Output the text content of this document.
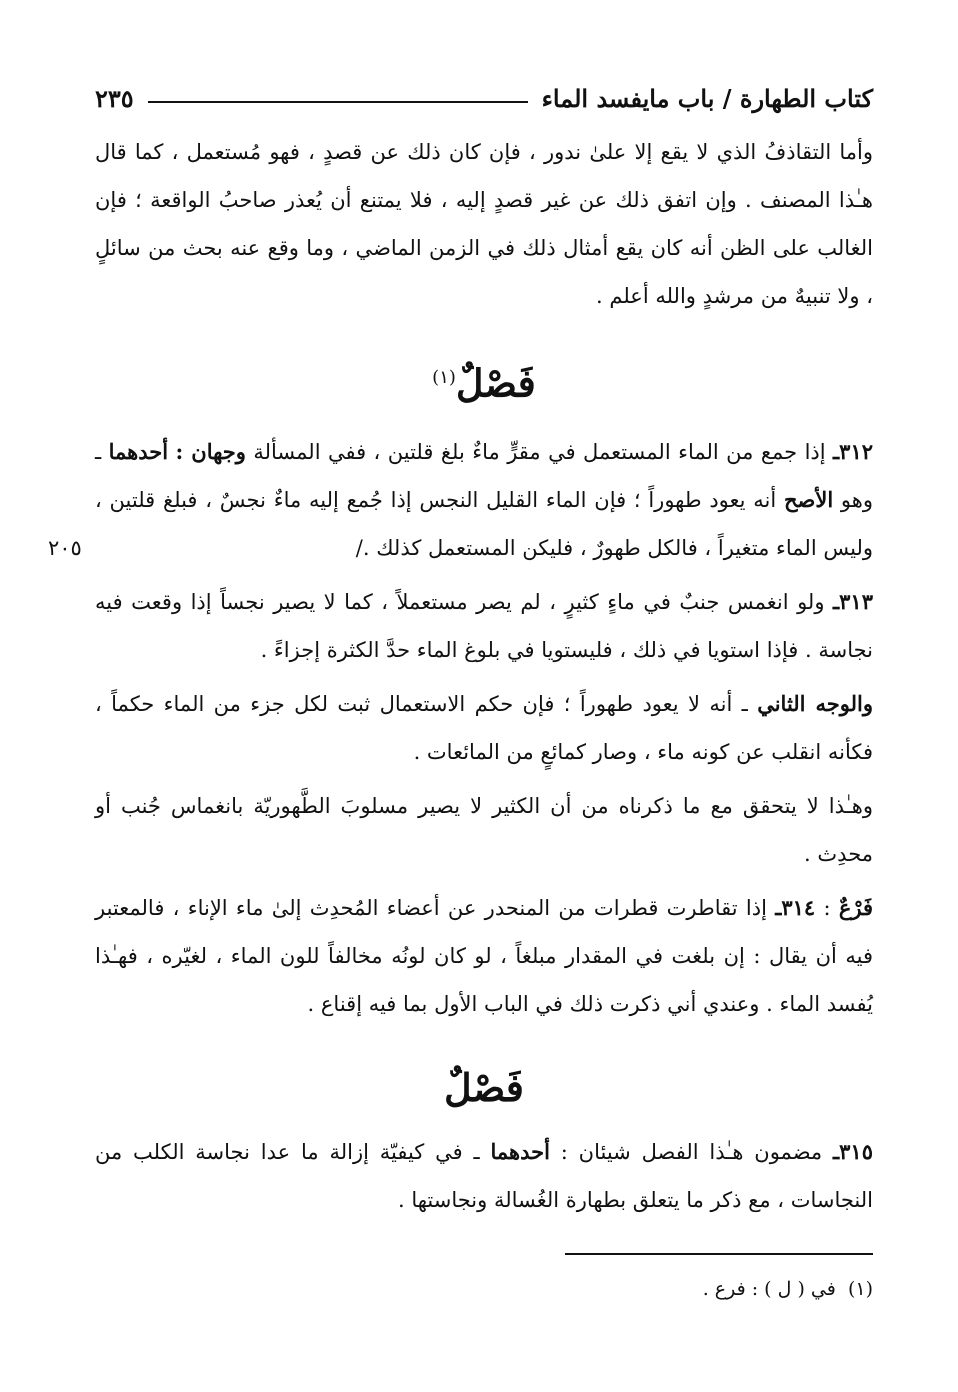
كتاب الطهارة / باب مايفسد الماء
٢٣٥

وأما التقاذفُ الذي لا يقع إلا علىٰ ندور ، فإن كان ذلك عن قصدٍ ، فهو مُستعمل ، كما قال هـٰذا المصنف . وإن اتفق ذلك عن غير قصدٍ إليه ، فلا يمتنع أن يُعذر صاحبُ الواقعة ؛ فإن الغالب على الظن أنه كان يقع أمثال ذلك في الزمن الماضي ، وما وقع عنه بحث من سائلٍ ، ولا تنبيهٌ من مرشدٍ والله أعلم .

فَصْلٌ$^{(١)}$

٣١٢ـ إذا جمع من الماء المستعمل في مقرٍّ ماءٌ بلغ قلتين ، ففي المسألة وجهان : أحدهما ـ وهو الأصح أنه يعود طهوراً ؛ فإن الماء القليل النجس إذا جُمع إليه ماءٌ نجسٌ ، فبلغ قلتين ، وليس الماء متغيراً ، فالكل طهورٌ ، فليكن المستعمل كذلك ./

٣١٣ـ ولو انغمس جنبٌ في ماءٍ كثيرٍ ، لم يصر مستعملاً ، كما لا يصير نجساً إذا وقعت فيه نجاسة . فإذا استويا في ذلك ، فليستويا في بلوغ الماء حدَّ الكثرة إجزاءً .

والوجه الثاني ـ أنه لا يعود طهوراً ؛ فإن حكم الاستعمال ثبت لكل جزء من الماء حكماً ، فكأنه انقلب عن كونه ماء ، وصار كمائعٍ من المائعات .

وهـٰذا لا يتحقق مع ما ذكرناه من أن الكثير لا يصير مسلوبَ الطَّهوريّة بانغماس جُنب أو محدِث .

فَرْعٌ : ٣١٤ـ إذا تقاطرت قطرات من المنحدر عن أعضاء المُحدِث إلىٰ ماء الإناء ، فالمعتبر فيه أن يقال : إن بلغت في المقدار مبلغاً ، لو كان لونُه مخالفاً للون الماء ، لغيّره ، فهـٰذا يُفسد الماء . وعندي أني ذكرت ذلك في الباب الأول بما فيه إقناع .

فَصْلٌ

٣١٥ـ مضمون هـٰذا الفصل شيئان : أحدهما ـ في كيفيّة إزالة ما عدا نجاسة الكلب من النجاسات ، مع ذكر ما يتعلق بطهارة الغُسالة ونجاستها .

٢٠٥
(١)  في ( ل ) : فرع .
